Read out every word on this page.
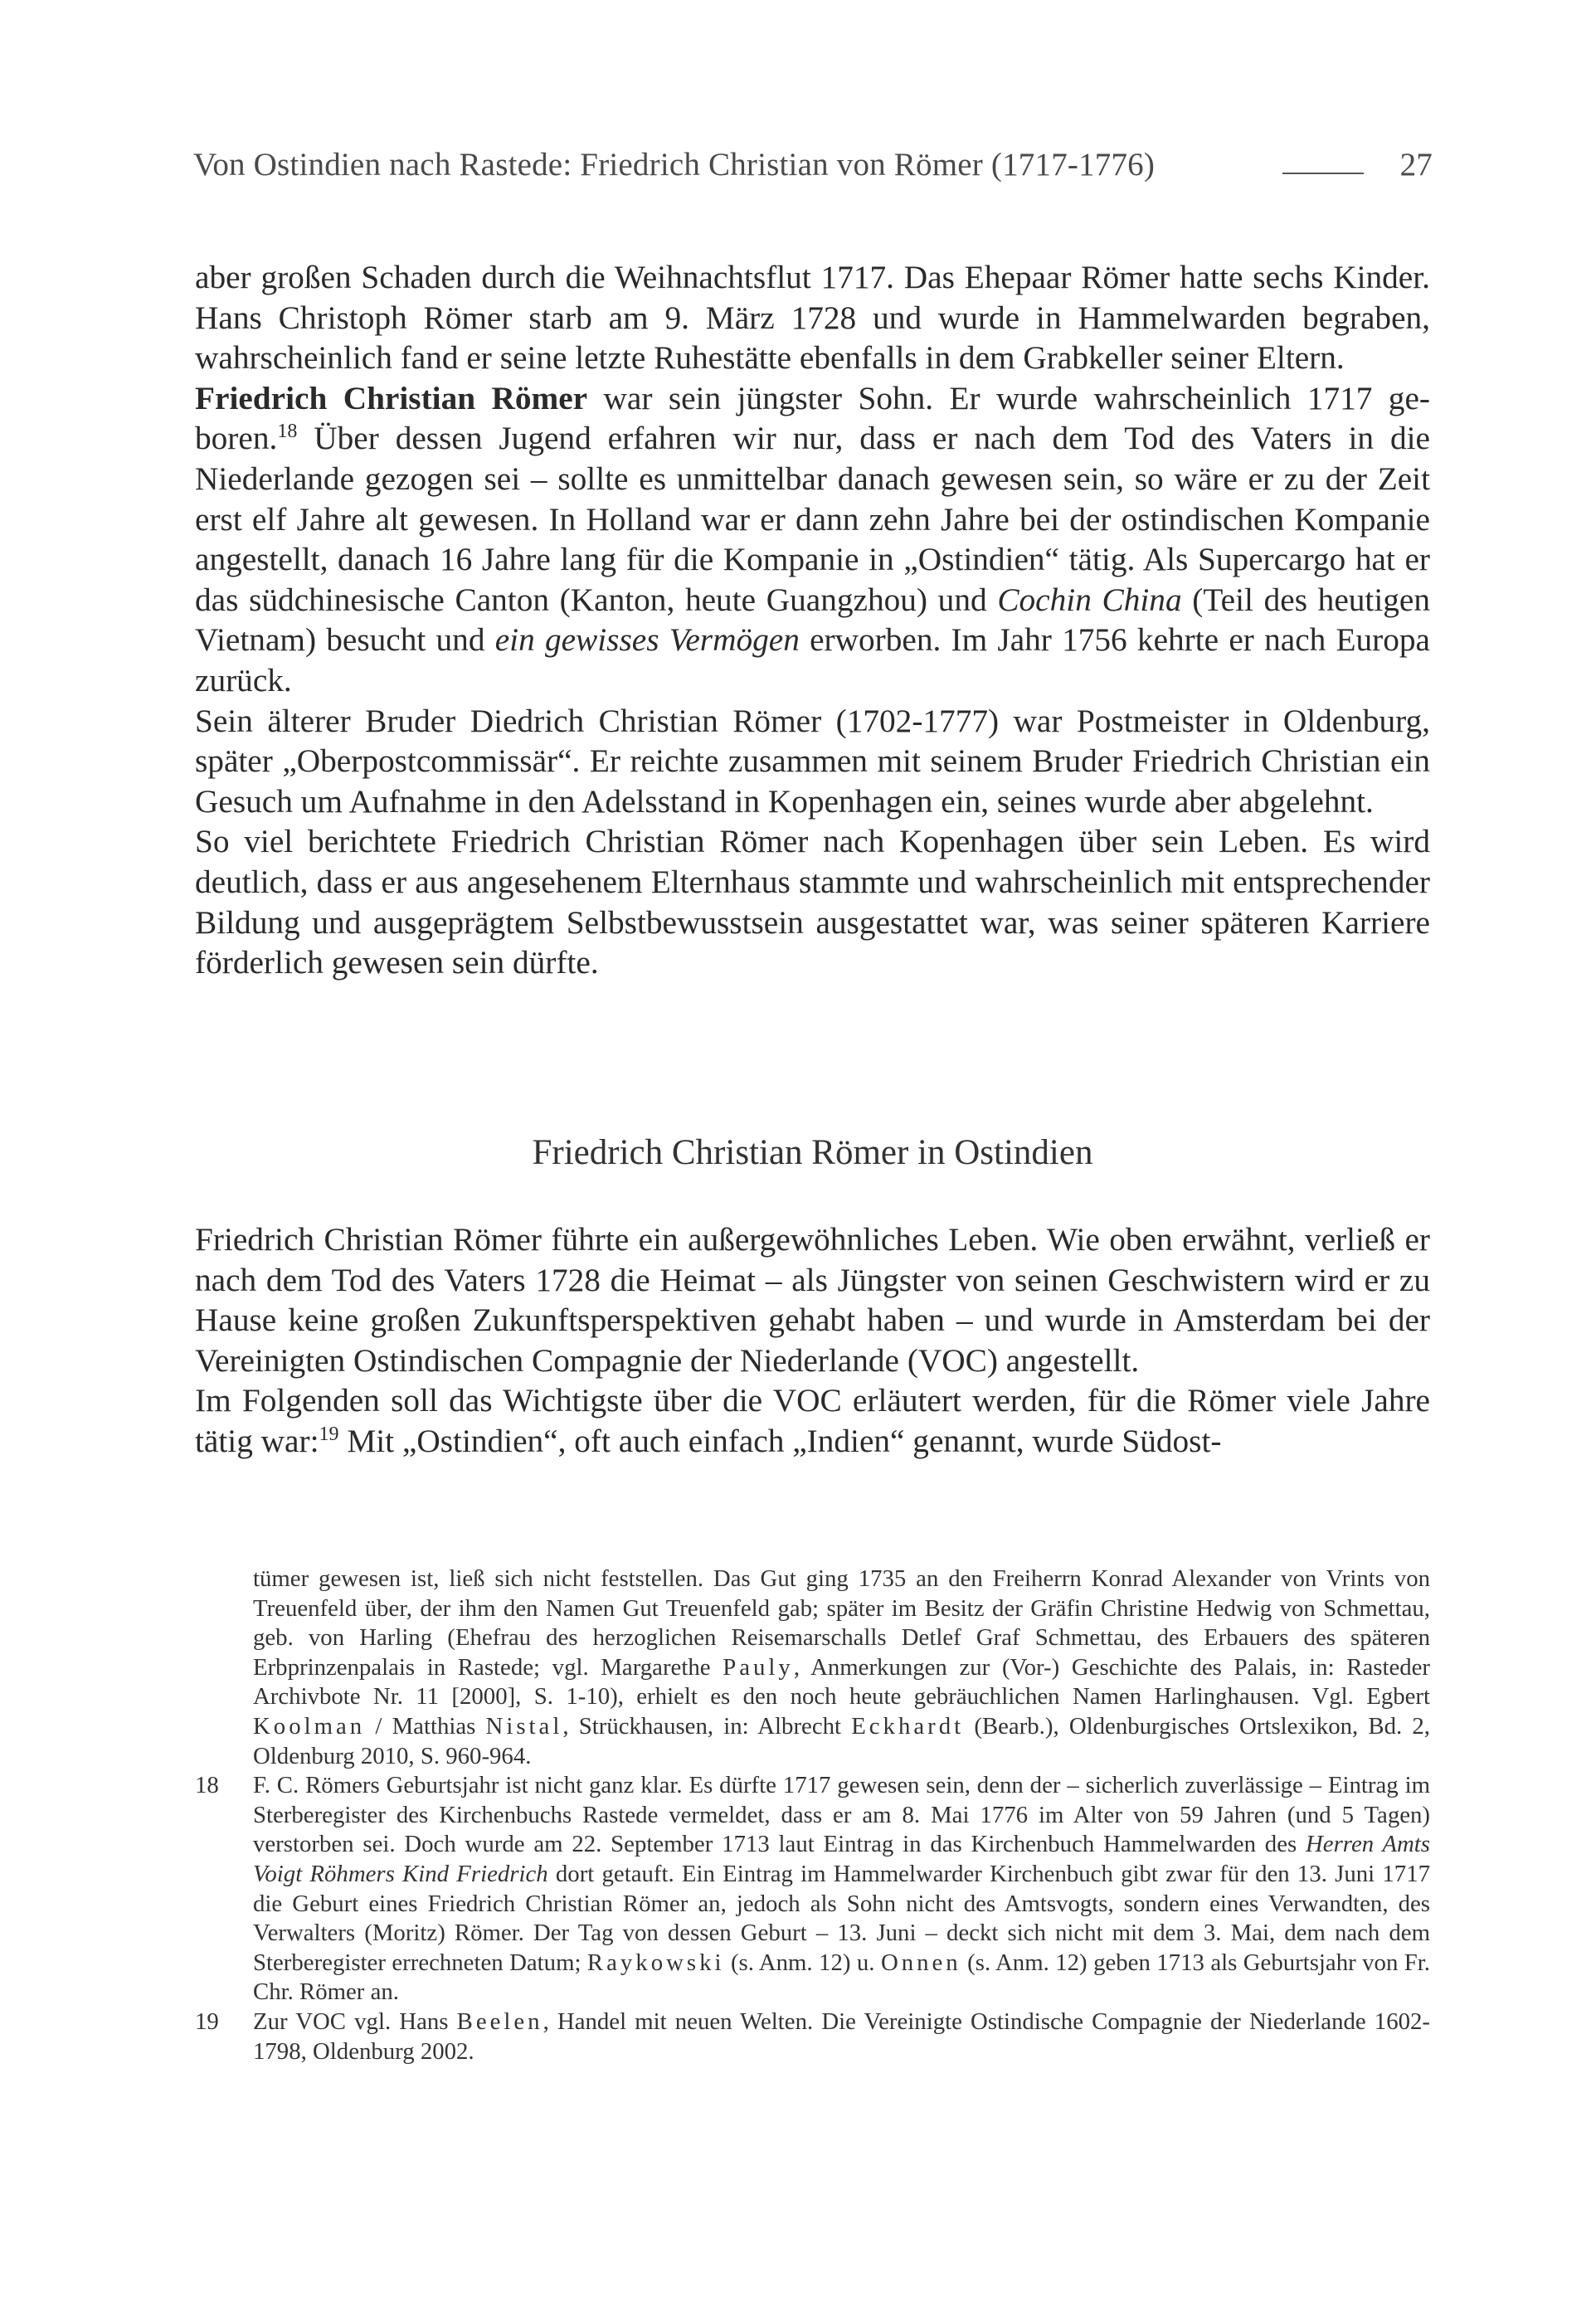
Von Ostindien nach Rastede: Friedrich Christian von Römer (1717-1776)	27

aber großen Schaden durch die Weihnachtsflut 1717. Das Ehepaar Römer hatte sechs Kinder. Hans Christoph Römer starb am 9. März 1728 und wurde in Hammelwarden begraben, wahrscheinlich fand er seine letzte Ruhestätte ebenfalls in dem Grabkeller seiner Eltern.

Friedrich Christian Römer war sein jüngster Sohn. Er wurde wahrscheinlich 1717 geboren.$^{18}$ Über dessen Jugend erfahren wir nur, dass er nach dem Tod des Vaters in die Niederlande gezogen sei – sollte es unmittelbar danach gewesen sein, so wäre er zu der Zeit erst elf Jahre alt gewesen. In Holland war er dann zehn Jahre bei der ostindischen Kompanie angestellt, danach 16 Jahre lang für die Kompanie in „Ostindien“ tätig. Als Supercargo hat er das südchinesische Canton (Kanton, heute Guangzhou) und Cochin China (Teil des heutigen Vietnam) besucht und ein gewisses Vermögen erworben. Im Jahr 1756 kehrte er nach Europa zurück.

Sein älterer Bruder Diedrich Christian Römer (1702-1777) war Postmeister in Oldenburg, später „Oberpostcommissär“. Er reichte zusammen mit seinem Bruder Friedrich Christian ein Gesuch um Aufnahme in den Adelsstand in Kopenhagen ein, seines wurde aber abgelehnt.

So viel berichtete Friedrich Christian Römer nach Kopenhagen über sein Leben. Es wird deutlich, dass er aus angesehenem Elternhaus stammte und wahrscheinlich mit entsprechender Bildung und ausgeprägtem Selbstbewusstsein ausgestattet war, was seiner späteren Karriere förderlich gewesen sein dürfte.

Friedrich Christian Römer in Ostindien

Friedrich Christian Römer führte ein außergewöhnliches Leben. Wie oben erwähnt, verließ er nach dem Tod des Vaters 1728 die Heimat – als Jüngster von seinen Geschwistern wird er zu Hause keine großen Zukunftsperspektiven gehabt haben – und wurde in Amsterdam bei der Vereinigten Ostindischen Compagnie der Niederlande (VOC) angestellt.

Im Folgenden soll das Wichtigste über die VOC erläutert werden, für die Römer viele Jahre tätig war:$^{19}$ Mit „Ostindien“, oft auch einfach „Indien“ genannt, wurde Südost-

tümer gewesen ist, ließ sich nicht feststellen. Das Gut ging 1735 an den Freiherrn Konrad Alexander von Vrints von Treuenfeld über, der ihm den Namen Gut Treuenfeld gab; später im Besitz der Gräfin Christine Hedwig von Schmettau, geb. von Harling (Ehefrau des herzoglichen Reisemarschalls Detlef Graf Schmettau, des Erbauers des späteren Erbprinzenpalais in Rastede; vgl. Margarethe Pauly, Anmerkungen zur (Vor-) Geschichte des Palais, in: Rasteder Archivbote Nr. 11 [2000], S. 1-10), erhielt es den noch heute gebräuchlichen Namen Harlinghausen. Vgl. Egbert Koolman / Matthias Nistal, Strückhausen, in: Albrecht Eckhardt (Bearb.), Oldenburgisches Ortslexikon, Bd. 2, Oldenburg 2010, S. 960-964.

18 F. C. Römers Geburtsjahr ist nicht ganz klar. Es dürfte 1717 gewesen sein, denn der – sicherlich zuverlässige – Eintrag im Sterberegister des Kirchenbuchs Rastede vermeldet, dass er am 8. Mai 1776 im Alter von 59 Jahren (und 5 Tagen) verstorben sei. Doch wurde am 22. September 1713 laut Eintrag in das Kirchenbuch Hammelwarden des Herren Amts Voigt Röhmers Kind Friedrich dort getauft. Ein Eintrag im Hammelwarder Kirchenbuch gibt zwar für den 13. Juni 1717 die Geburt eines Friedrich Christian Römer an, jedoch als Sohn nicht des Amtsvogts, sondern eines Verwandten, des Verwalters (Moritz) Römer. Der Tag von dessen Geburt – 13. Juni – deckt sich nicht mit dem 3. Mai, dem nach dem Sterberegister errechneten Datum; Raykowski (s. Anm. 12) u. Onnen (s. Anm. 12) geben 1713 als Geburtsjahr von Fr. Chr. Römer an.

19 Zur VOC vgl. Hans Beelen, Handel mit neuen Welten. Die Vereinigte Ostindische Compagnie der Niederlande 1602-1798, Oldenburg 2002.
